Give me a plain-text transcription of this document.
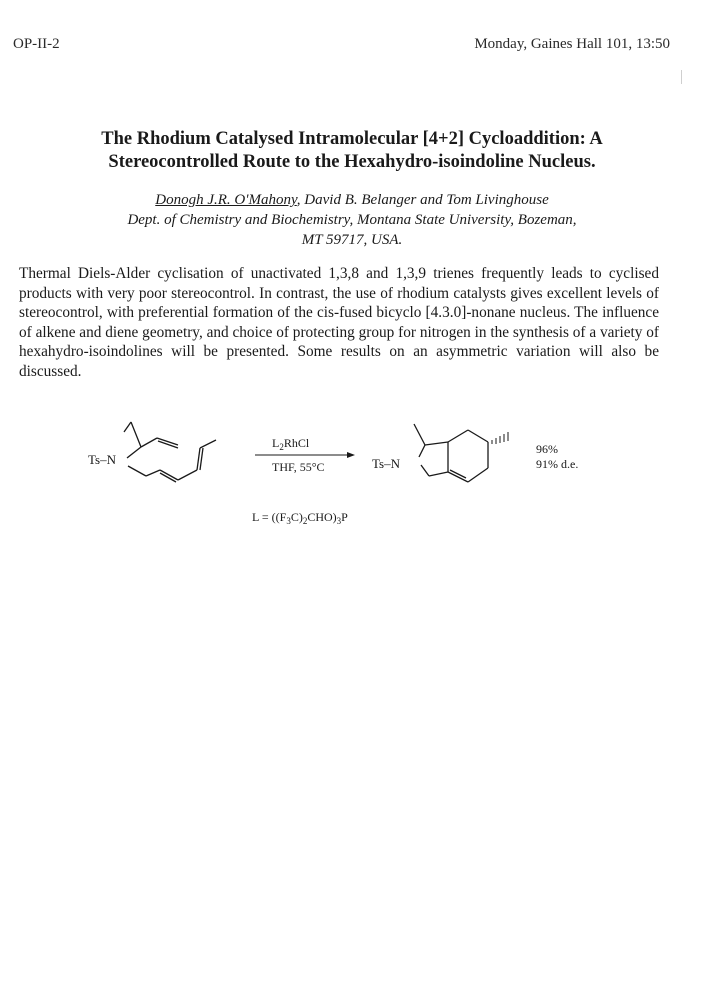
OP-II-2	Monday, Gaines Hall 101, 13:50
The Rhodium Catalysed Intramolecular [4+2] Cycloaddition: A
Stereocontrolled Route to the Hexahydro-isoindoline Nucleus.
Donogh J.R. O'Mahony, David B. Belanger and Tom Livinghouse
Dept. of Chemistry and Biochemistry, Montana State University, Bozeman,
MT 59717, USA.

Thermal Diels-Alder cyclisation of unactivated 1,3,8 and 1,3,9 trienes frequently leads to cyclised products with very poor stereocontrol. In contrast, the use of rhodium catalysts gives excellent levels of stereocontrol, with preferential formation of the cis-fused bicyclo [4.3.0]-nonane nucleus. The influence of alkene and diene geometry, and choice of protecting group for nitrogen in the synthesis of a variety of hexahydro-isoindolines will be presented. Some results on an asymmetric variation will also be discussed.

Ts–N
$L_2RhCl$
THF, 55°C	Ts–N
96%
91% d.e.
$L = ((F_3C)_2CHO)_3P$
